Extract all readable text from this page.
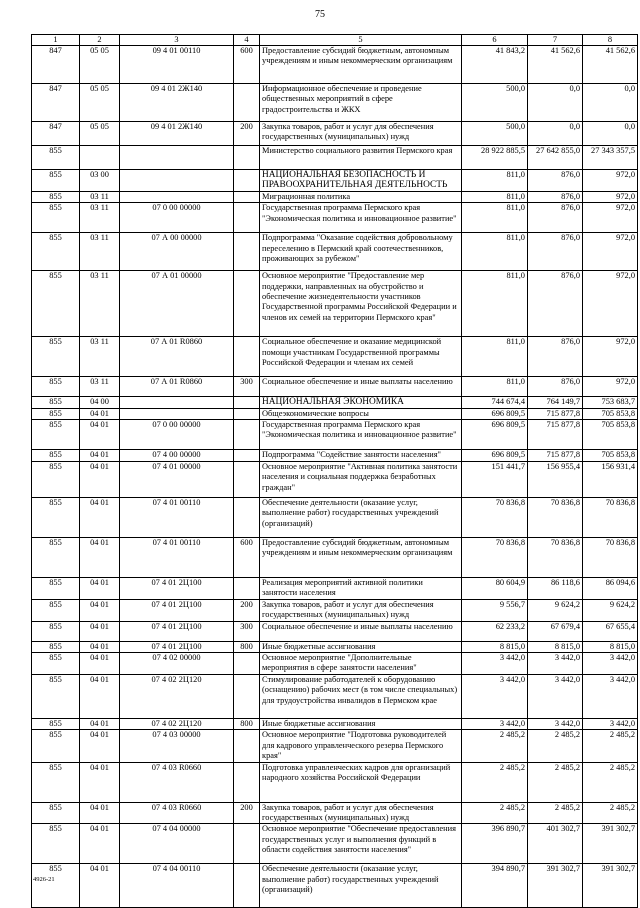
75
1	2	3	4	5	6	7	8
847	05 05	09 4 01 00110	600	Предоставление субсидий бюджетным, автономным учреждениям и иным некоммерческим организациям	41 843,2	41 562,6	41 562,6
847	05 05	09 4 01 2Ж140		Информационное обеспечение и проведение общественных мероприятий в сфере градостроительства и ЖКХ	500,0	0,0	0,0
847	05 05	09 4 01 2Ж140	200	Закупка товаров, работ и услуг для обеспечения государственных (муниципальных) нужд	500,0	0,0	0,0
855				Министерство социального развития Пермского края	28 922 885,5	27 642 855,0	27 343 357,5
855	03 00			НАЦИОНАЛЬНАЯ БЕЗОПАСНОСТЬ И ПРАВООХРАНИТЕЛЬНАЯ ДЕЯТЕЛЬНОСТЬ	811,0	876,0	972,0
855	03 11			Миграционная политика	811,0	876,0	972,0
855	03 11	07 0 00 00000		Государственная программа Пермского края "Экономическая политика и инновационное развитие"	811,0	876,0	972,0
855	03 11	07 А 00 00000		Подпрограмма "Оказание содействия добровольному переселению в Пермский край соотечественников, проживающих за рубежом"	811,0	876,0	972,0
855	03 11	07 А 01 00000		Основное мероприятие "Предоставление мер поддержки, направленных на обустройство и обеспечение жизнедеятельности участников Государственной программы Российской Федерации и членов их семей на территории Пермского края"	811,0	876,0	972,0
855	03 11	07 А 01 R0860		Социальное обеспечение и оказание медицинской помощи участникам Государственной программы Российской Федерации и членам их семей	811,0	876,0	972,0
855	03 11	07 А 01 R0860	300	Социальное обеспечение и иные выплаты населению	811,0	876,0	972,0
855	04 00			НАЦИОНАЛЬНАЯ ЭКОНОМИКА	744 674,4	764 149,7	753 683,7
855	04 01			Общеэкономические вопросы	696 809,5	715 877,8	705 853,8
855	04 01	07 0 00 00000		Государственная программа Пермского края "Экономическая политика и инновационное развитие"	696 809,5	715 877,8	705 853,8
855	04 01	07 4 00 00000		Подпрограмма "Содействие занятости населения"	696 809,5	715 877,8	705 853,8
855	04 01	07 4 01 00000		Основное мероприятие "Активная политика занятости населения и социальная поддержка безработных граждан"	151 441,7	156 955,4	156 931,4
855	04 01	07 4 01 00110		Обеспечение деятельности (оказание услуг, выполнение работ) государственных учреждений (организаций)	70 836,8	70 836,8	70 836,8
855	04 01	07 4 01 00110	600	Предоставление субсидий бюджетным, автономным учреждениям и иным некоммерческим организациям	70 836,8	70 836,8	70 836,8
855	04 01	07 4 01 2Ц100		Реализация мероприятий активной политики занятости населения	80 604,9	86 118,6	86 094,6
855	04 01	07 4 01 2Ц100	200	Закупка товаров, работ и услуг для обеспечения государственных (муниципальных) нужд	9 556,7	9 624,2	9 624,2
855	04 01	07 4 01 2Ц100	300	Социальное обеспечение и иные выплаты населению	62 233,2	67 679,4	67 655,4
855	04 01	07 4 01 2Ц100	800	Иные бюджетные ассигнования	8 815,0	8 815,0	8 815,0
855	04 01	07 4 02 00000		Основное мероприятие "Дополнительные мероприятия в сфере занятости населения"	3 442,0	3 442,0	3 442,0
855	04 01	07 4 02 2Ц120		Стимулирование работодателей к оборудованию (оснащению) рабочих мест (в том числе специальных) для трудоустройства инвалидов в Пермском крае	3 442,0	3 442,0	3 442,0
855	04 01	07 4 02 2Ц120	800	Иные бюджетные ассигнования	3 442,0	3 442,0	3 442,0
855	04 01	07 4 03 00000		Основное мероприятие "Подготовка руководителей для кадрового управленческого резерва Пермского края"	2 485,2	2 485,2	2 485,2
855	04 01	07 4 03 R0660		Подготовка управленческих кадров для организаций народного хозяйства Российской Федерации	2 485,2	2 485,2	2 485,2
855	04 01	07 4 03 R0660	200	Закупка товаров, работ и услуг для обеспечения государственных (муниципальных) нужд	2 485,2	2 485,2	2 485,2
855	04 01	07 4 04 00000		Основное мероприятие "Обеспечение предоставления государственных услуг и выполнения функций в области содействия занятости населения"	396 890,7	401 302,7	391 302,7
855	04 01	07 4 04 00110		Обеспечение деятельности (оказание услуг, выполнение работ) государственных учреждений (организаций)	394 890,7	391 302,7	391 302,7
4926-21
